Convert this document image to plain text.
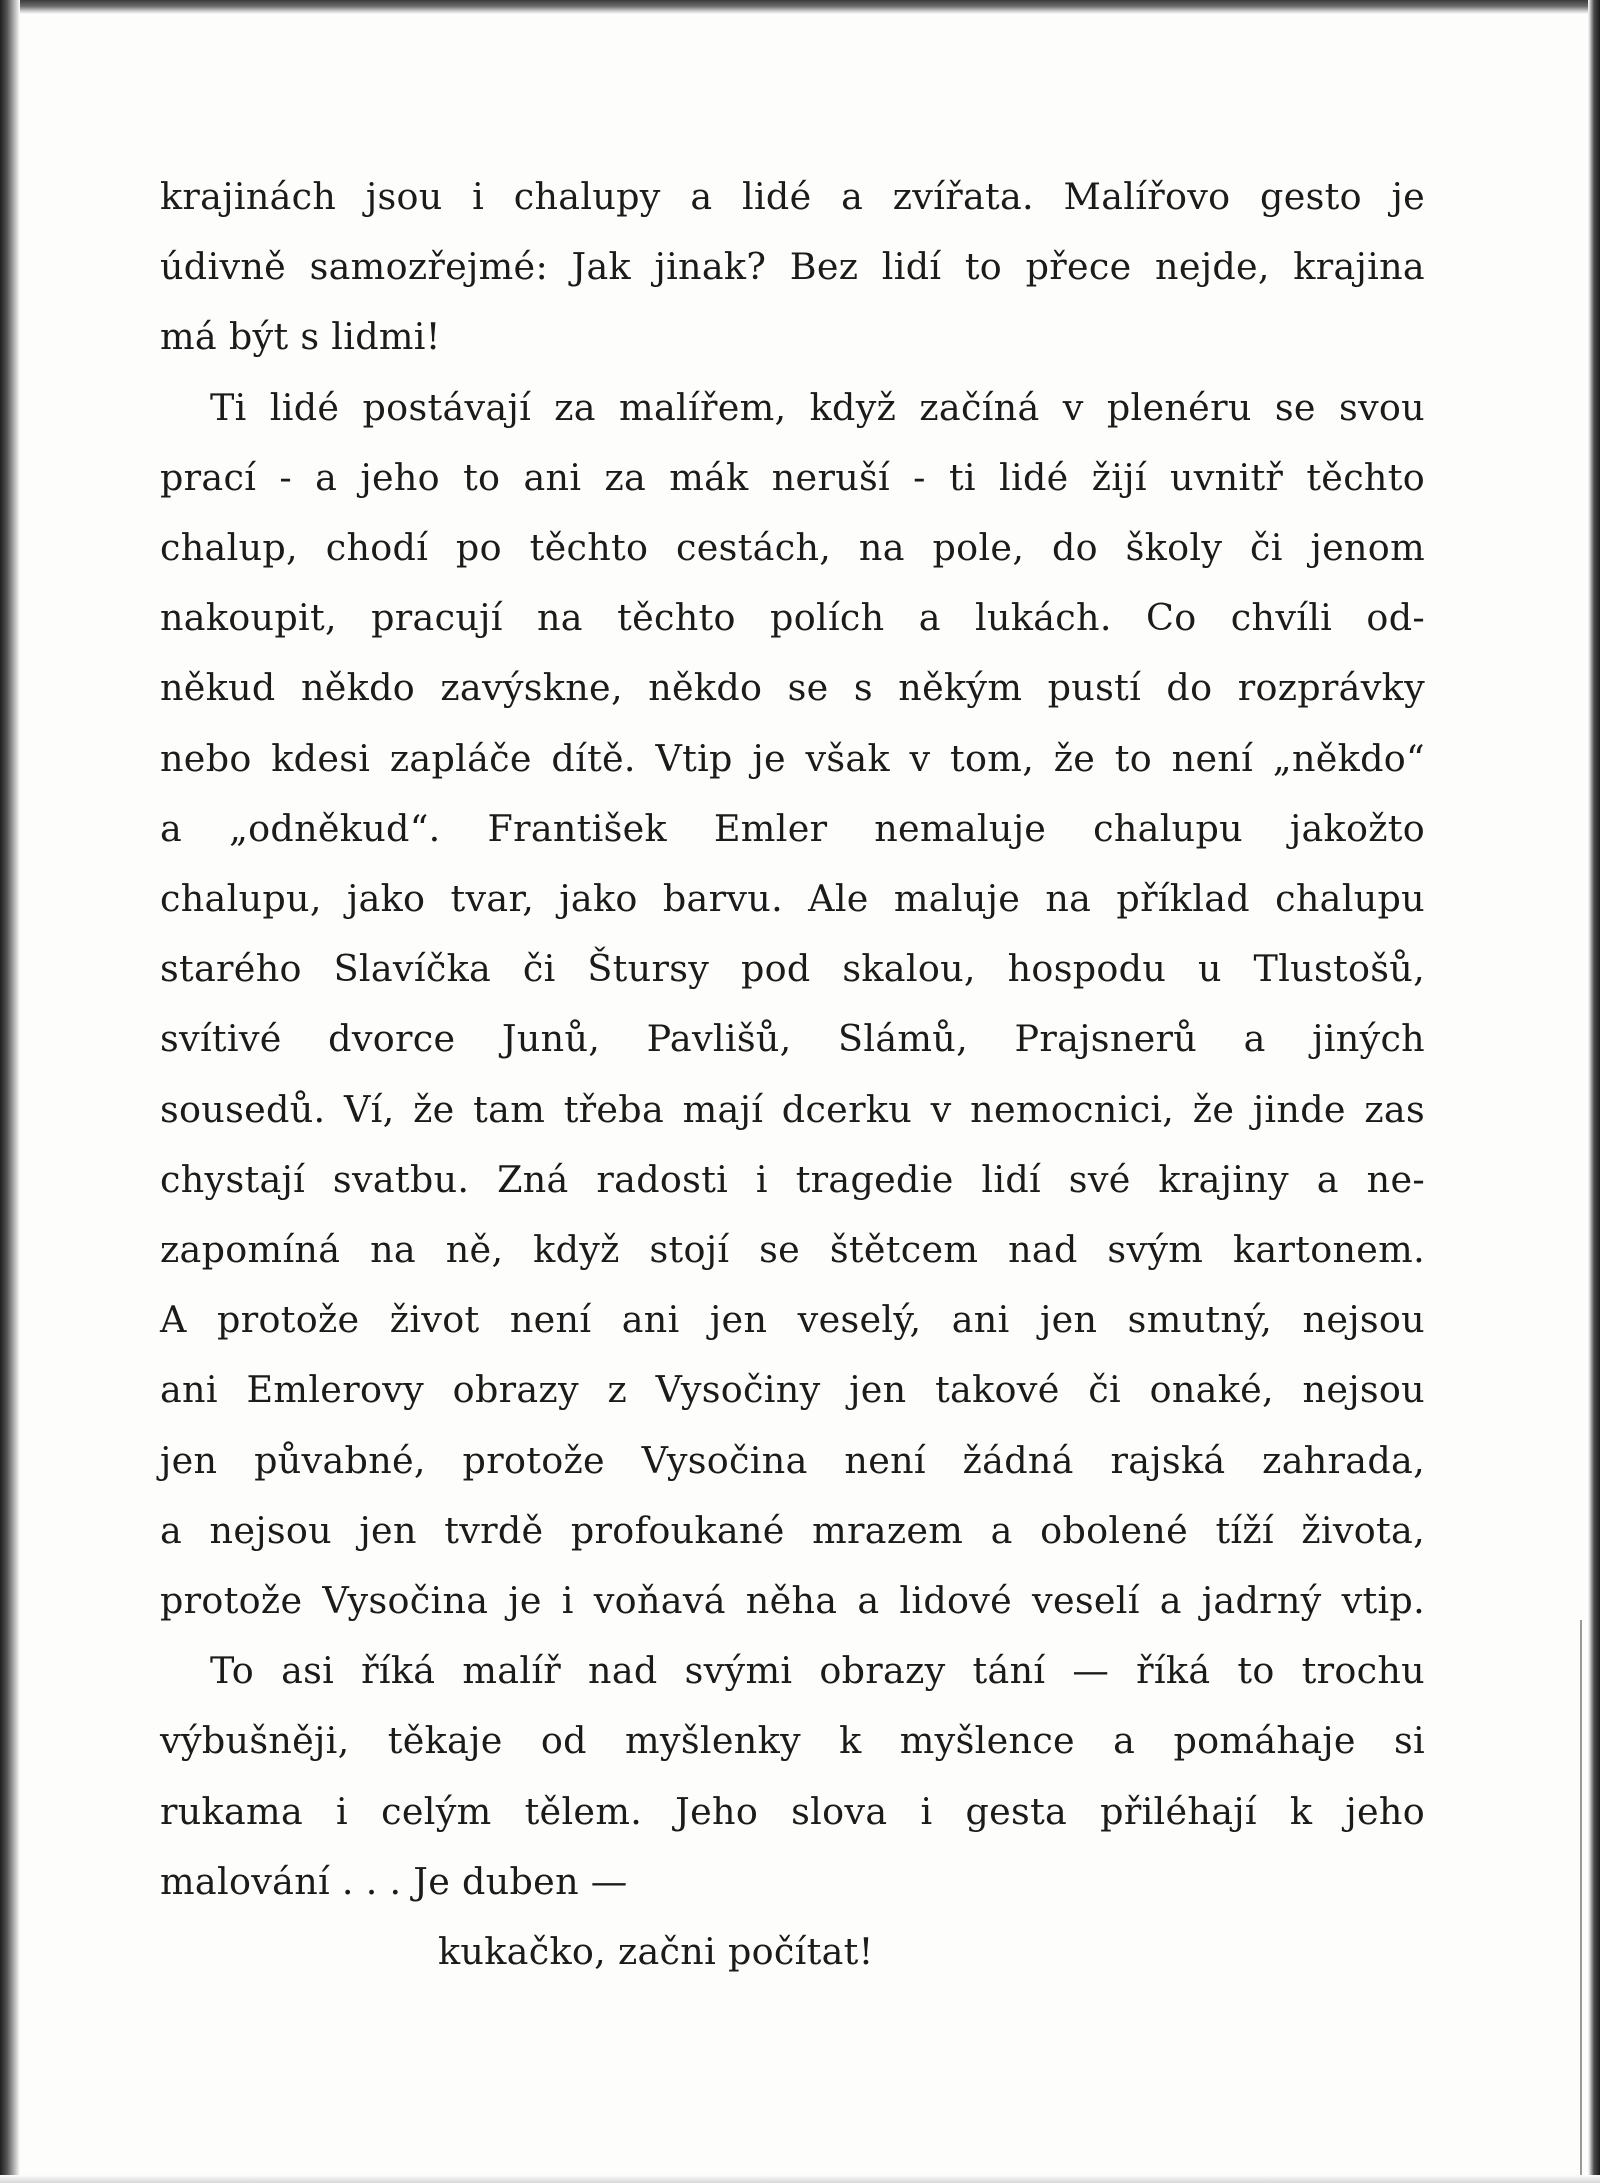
krajinách jsou i chalupy a lidé a zvířata. Malířovo gesto je
údivně samozřejmé: Jak jinak? Bez lidí to přece nejde, krajina
má být s lidmi!
Ti lidé postávají za malířem, když začíná v plenéru se svou
prací - a jeho to ani za mák neruší - ti lidé žijí uvnitř těchto
chalup, chodí po těchto cestách, na pole, do školy či jenom
nakoupit, pracují na těchto polích a lukách. Co chvíli od-
někud někdo zavýskne, někdo se s někým pustí do rozprávky
nebo kdesi zapláče dítě. Vtip je však v tom, že to není „někdo“
a „odněkud“. František Emler nemaluje chalupu jakožto
chalupu, jako tvar, jako barvu. Ale maluje na příklad chalupu
starého Slavíčka či Štursy pod skalou, hospodu u Tlustošů,
svítivé dvorce Junů, Pavlišů, Slámů, Prajsnerů a jiných
sousedů. Ví, že tam třeba mají dcerku v nemocnici, že jinde zas
chystají svatbu. Zná radosti i tragedie lidí své krajiny a ne-
zapomíná na ně, když stojí se štětcem nad svým kartonem.
A protože život není ani jen veselý, ani jen smutný, nejsou
ani Emlerovy obrazy z Vysočiny jen takové či onaké, nejsou
jen půvabné, protože Vysočina není žádná rajská zahrada,
a nejsou jen tvrdě profoukané mrazem a obolené tíží života,
protože Vysočina je i voňavá něha a lidové veselí a jadrný vtip.
To asi říká malíř nad svými obrazy tání — říká to trochu
výbušněji, těkaje od myšlenky k myšlence a pomáhaje si
rukama i celým tělem. Jeho slova i gesta přiléhají k jeho
malování . . . Je duben —
kukačko, začni počítat!
